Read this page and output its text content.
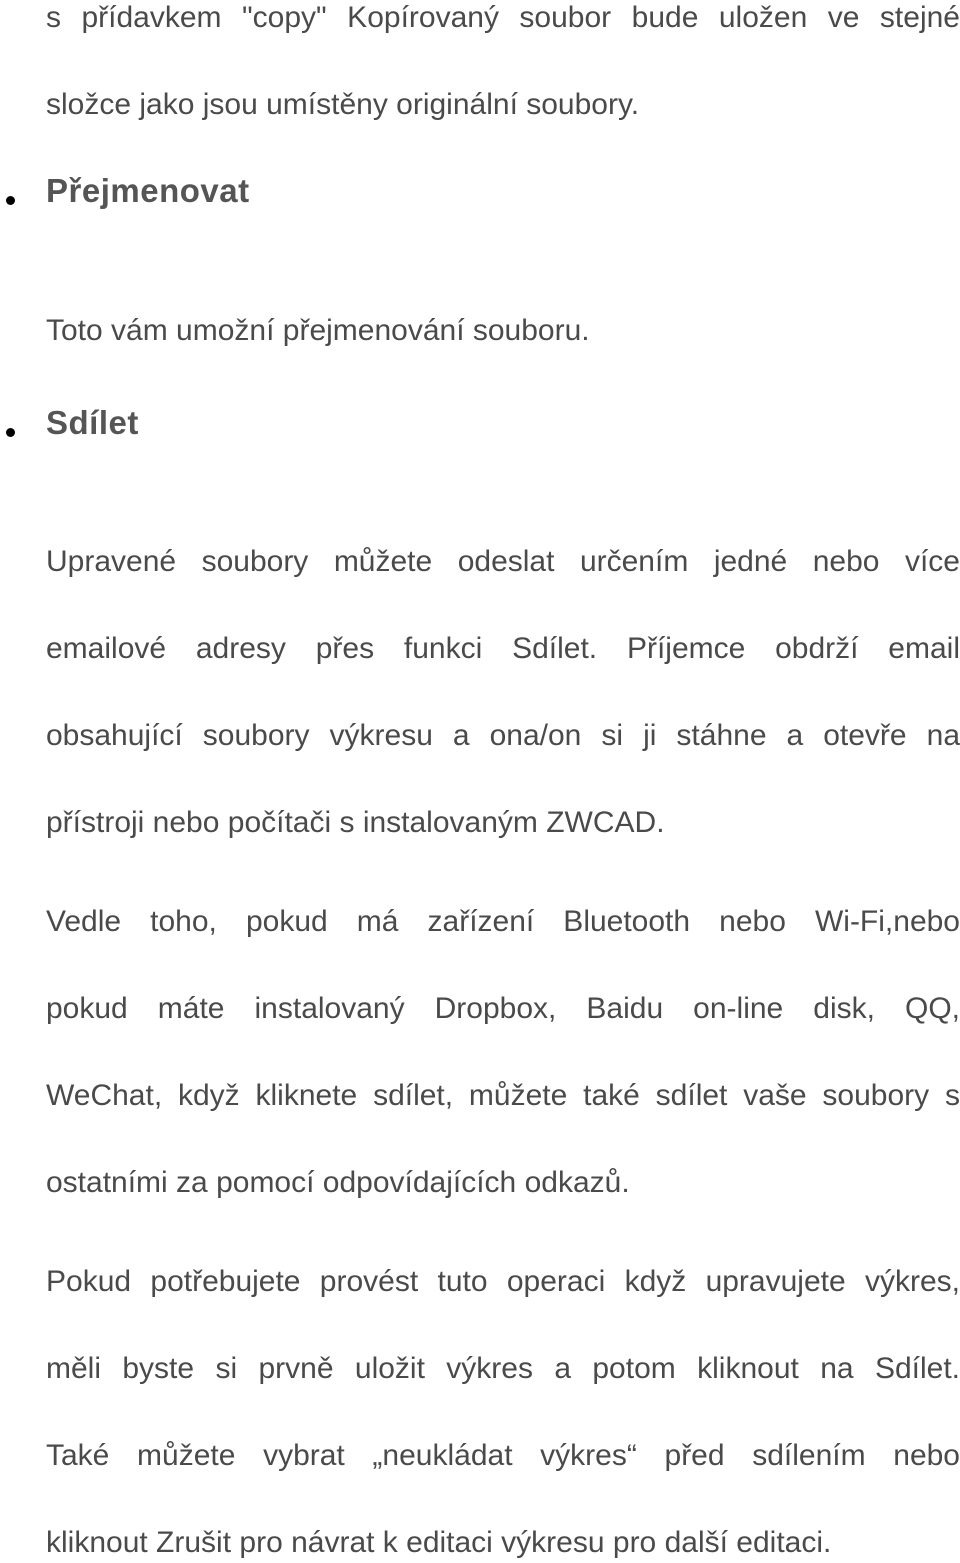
s přídavkem "copy" Kopírovaný soubor bude uložen ve stejné
složce jako jsou umístěny originální soubory.
Přejmenovat
Toto vám umožní přejmenování souboru.
Sdílet
Upravené soubory můžete odeslat určením jedné nebo více
emailové adresy přes funkci Sdílet. Příjemce obdrží email
obsahující soubory výkresu a ona/on si ji stáhne a otevře na
přístroji nebo počítači s instalovaným ZWCAD.
Vedle toho, pokud má zařízení Bluetooth nebo Wi-Fi,nebo
pokud máte instalovaný Dropbox, Baidu on-line disk, QQ,
WeChat, když kliknete sdílet, můžete také sdílet vaše soubory s
ostatními za pomocí odpovídajících odkazů.
Pokud potřebujete provést tuto operaci když upravujete výkres,
měli byste si prvně uložit výkres a potom kliknout na Sdílet.
Také můžete vybrat „neukládat výkres“ před sdílením nebo
kliknout Zrušit pro návrat k editaci výkresu pro další editaci.
